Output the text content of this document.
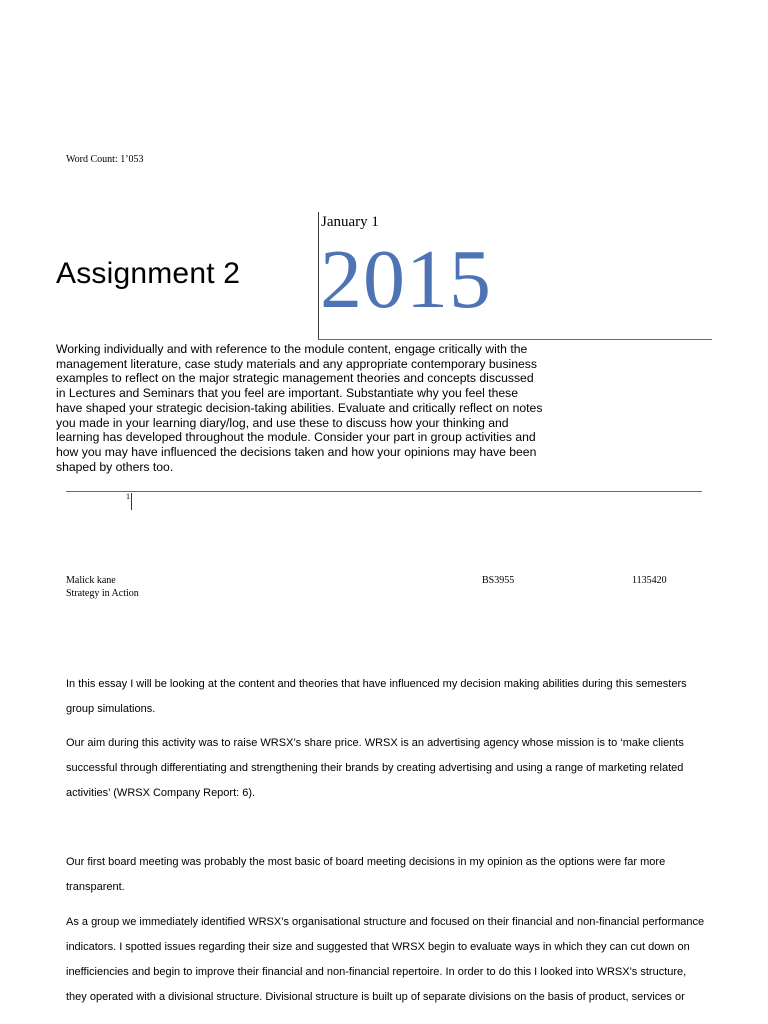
Word Count: 1’053
January 1
Assignment 2 2015
Working individually and with reference to the module content, engage critically with the management literature, case study materials and any appropriate contemporary business examples to reflect on the major strategic management theories and concepts discussed in Lectures and Seminars that you feel are important. Substantiate why you feel these have shaped your strategic decision-taking abilities. Evaluate and critically reflect on notes you made in your learning diary/log, and use these to discuss how your thinking and learning has developed throughout the module. Consider your part in group activities and how you may have influenced the decisions taken and how your opinions may have been shaped by others too.
1
Malick kane
Strategy in Action
BS3955	1135420

In this essay I will be looking at the content and theories that have influenced my decision making abilities during this semesters group simulations.

Our aim during this activity was to raise WRSX’s share price. WRSX is an advertising agency whose mission is to ‘make clients successful through differentiating and strengthening their brands by creating advertising and using a range of marketing related activities’ (WRSX Company Report: 6).

Our first board meeting was probably the most basic of board meeting decisions in my opinion as the options were far more transparent.

As a group we immediately identified WRSX’s organisational structure and focused on their financial and non-financial performance indicators. I spotted issues regarding their size and suggested that WRSX begin to evaluate ways in which they can cut down on inefficiencies and begin to improve their financial and non-financial repertoire. In order to do this I looked into WRSX’s structure, they operated with a divisional structure. Divisional structure is built up of separate divisions on the basis of product, services or
